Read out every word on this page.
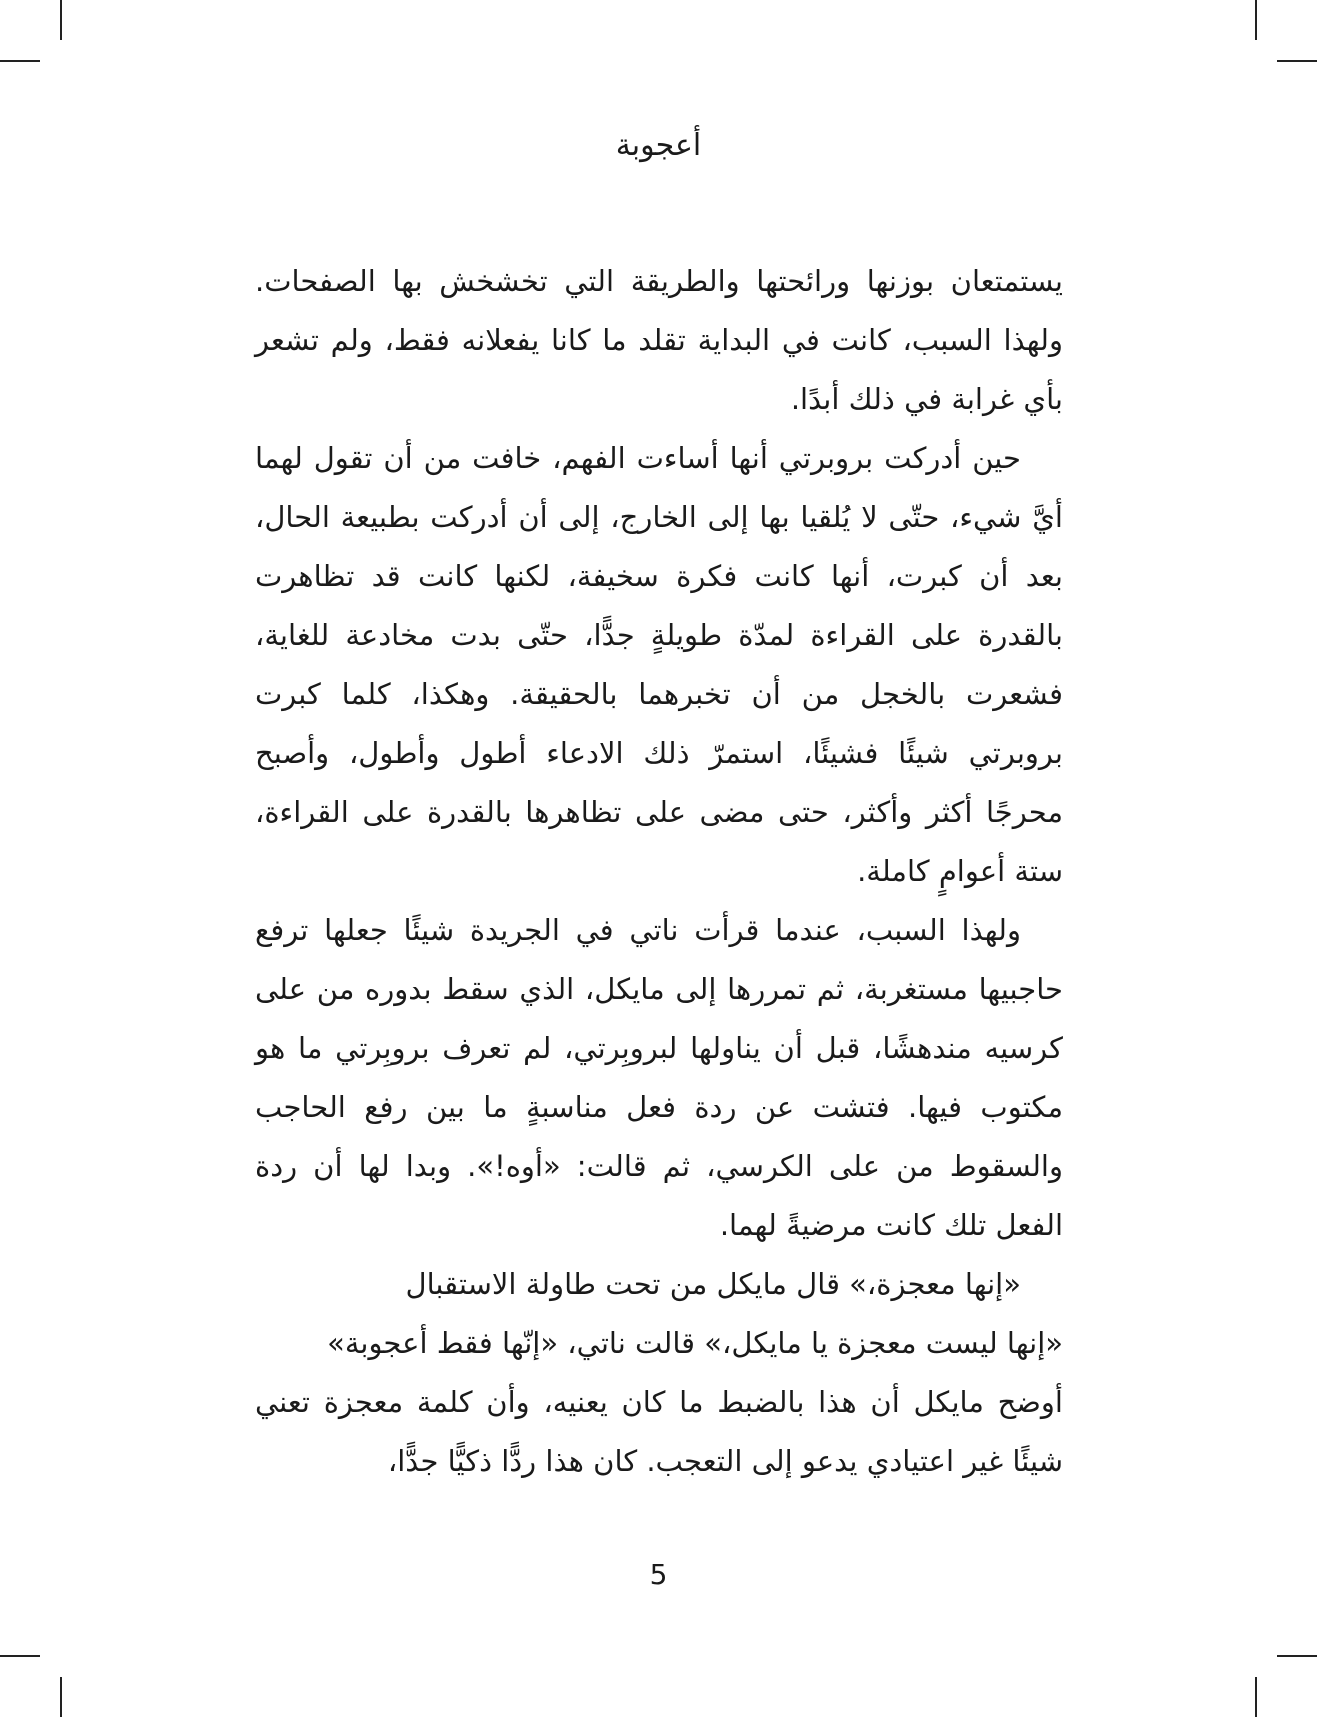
أعجوبة

يستمتعان بوزنها ورائحتها والطريقة التي تخشخش بها الصفحات. ولهذا السبب، كانت في البداية تقلد ما كانا يفعلانه فقط، ولم تشعر بأي غرابة في ذلك أبدًا.

حين أدركت بروبرتي أنها أساءت الفهم، خافت من أن تقول لهما أيَّ شيء، حتّى لا يُلقيا بها إلى الخارج، إلى أن أدركت بطبيعة الحال، بعد أن كبرت، أنها كانت فكرة سخيفة، لكنها كانت قد تظاهرت بالقدرة على القراءة لمدّة طويلةٍ جدًّا، حتّى بدت مخادعة للغاية، فشعرت بالخجل من أن تخبرهما بالحقيقة. وهكذا، كلما كبرت بروبرتي شيئًا فشيئًا، استمرّ ذلك الادعاء أطول وأطول، وأصبح محرجًا أكثر وأكثر، حتى مضى على تظاهرها بالقدرة على القراءة، ستة أعوامٍ كاملة.

ولهذا السبب، عندما قرأت ناتي في الجريدة شيئًا جعلها ترفع حاجبيها مستغربة، ثم تمررها إلى مايكل، الذي سقط بدوره من على كرسيه مندهشًا، قبل أن يناولها لبروبِرتي، لم تعرف بروبِرتي ما هو مكتوب فيها. فتشت عن ردة فعل مناسبةٍ ما بين رفع الحاجب والسقوط من على الكرسي، ثم قالت: «أوه!». وبدا لها أن ردة الفعل تلك كانت مرضيةً لهما.

«إنها معجزة،» قال مايكل من تحت طاولة الاستقبال

«إنها ليست معجزة يا مايكل،» قالت ناتي، «إنّها فقط أعجوبة»

أوضح مايكل أن هذا بالضبط ما كان يعنيه، وأن كلمة معجزة تعني شيئًا غير اعتيادي يدعو إلى التعجب. كان هذا ردًّا ذكيًّا جدًّا،

5
